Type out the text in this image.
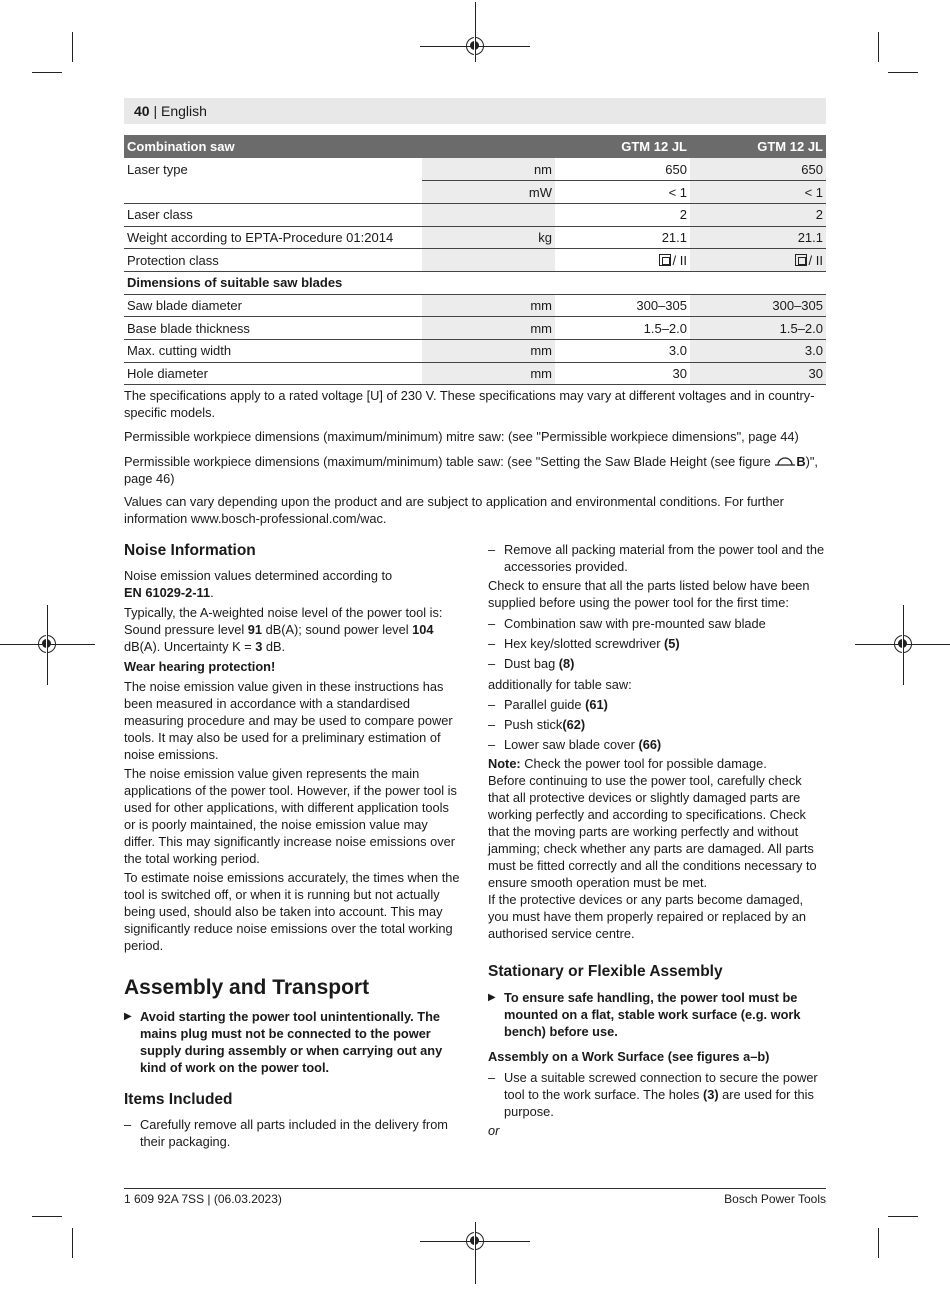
40 | English
Combination saw		GTM 12 JL	GTM 12 JL
Laser type	nm	650	650
	mW	< 1	< 1
Laser class		2	2
Weight according to EPTA-Procedure 01:2014	kg	21.1	21.1
Protection class		/ II	/ II
Dimensions of suitable saw blades			
Saw blade diameter	mm	300–305	300–305
Base blade thickness	mm	1.5–2.0	1.5–2.0
Max. cutting width	mm	3.0	3.0
Hole diameter	mm	30	30
The specifications apply to a rated voltage [U] of 230 V. These specifications may vary at different voltages and in country-specific models.
Permissible workpiece dimensions (maximum/minimum) mitre saw: (see "Permissible workpiece dimensions", page 44)
Permissible workpiece dimensions (maximum/minimum) table saw: (see "Setting the Saw Blade Height (see figure B)", page 46)
Values can vary depending upon the product and are subject to application and environmental conditions. For further information www.bosch-professional.com/wac.
Noise Information
Noise emission values determined according to
EN 61029-2-11.
Typically, the A-weighted noise level of the power tool is: Sound pressure level 91 dB(A); sound power level 104 dB(A). Uncertainty K = 3 dB.
Wear hearing protection!
The noise emission value given in these instructions has been measured in accordance with a standardised measuring procedure and may be used to compare power tools. It may also be used for a preliminary estimation of noise emissions.
The noise emission value given represents the main applications of the power tool. However, if the power tool is used for other applications, with different application tools or is poorly maintained, the noise emission value may differ. This may significantly increase noise emissions over the total working period.
To estimate noise emissions accurately, the times when the tool is switched off, or when it is running but not actually being used, should also be taken into account. This may significantly reduce noise emissions over the total working period.
Assembly and Transport
▶ Avoid starting the power tool unintentionally. The mains plug must not be connected to the power supply during assembly or when carrying out any kind of work on the power tool.
Items Included
– Carefully remove all parts included in the delivery from their packaging.
– Remove all packing material from the power tool and the accessories provided.
Check to ensure that all the parts listed below have been supplied before using the power tool for the first time:
– Combination saw with pre-mounted saw blade
– Hex key/slotted screwdriver (5)
– Dust bag (8)
additionally for table saw:
– Parallel guide (61)
– Push stick(62)
– Lower saw blade cover (66)
Note: Check the power tool for possible damage.
Before continuing to use the power tool, carefully check that all protective devices or slightly damaged parts are working perfectly and according to specifications. Check that the moving parts are working perfectly and without jamming; check whether any parts are damaged. All parts must be fitted correctly and all the conditions necessary to ensure smooth operation must be met.
If the protective devices or any parts become damaged, you must have them properly repaired or replaced by an authorised service centre.
Stationary or Flexible Assembly
▶ To ensure safe handling, the power tool must be mounted on a flat, stable work surface (e.g. work bench) before use.
Assembly on a Work Surface (see figures a–b)
– Use a suitable screwed connection to secure the power tool to the work surface. The holes (3) are used for this purpose.
or
1 609 92A 7SS | (06.03.2023)	Bosch Power Tools
